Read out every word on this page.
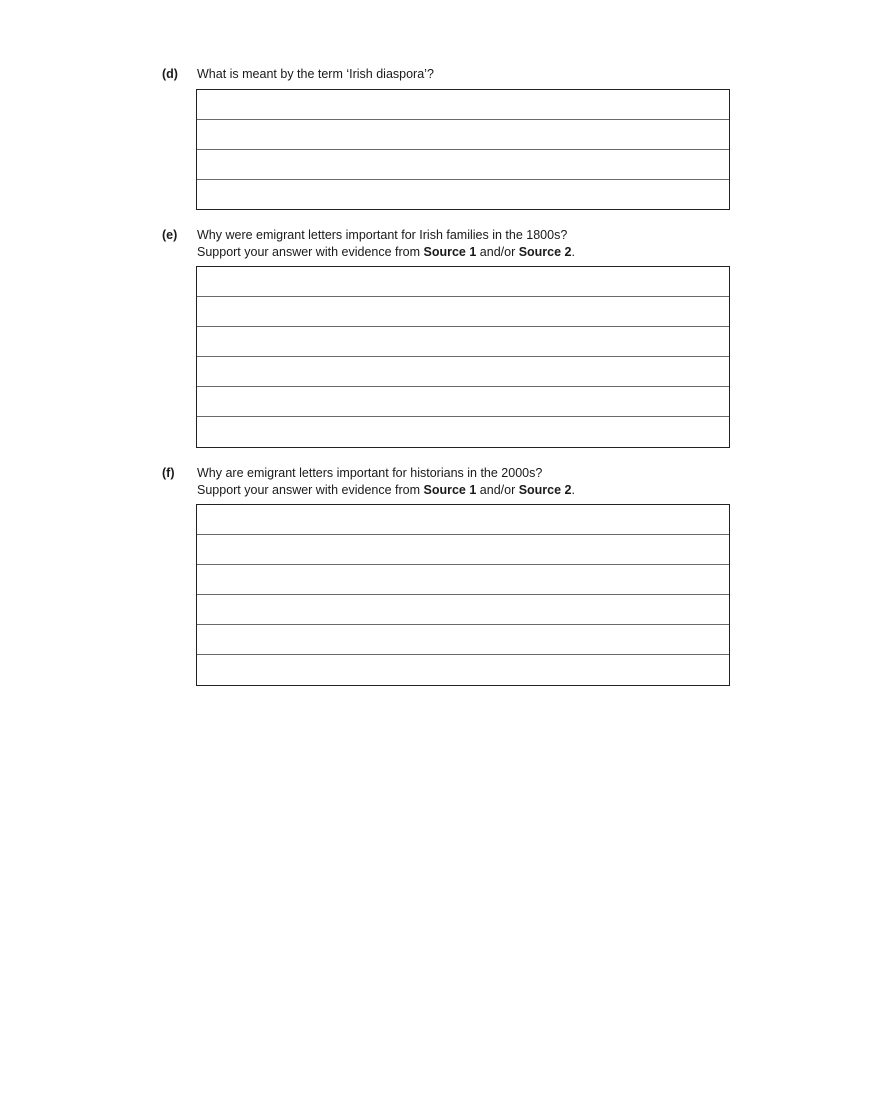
(d) What is meant by the term ‘Irish diaspora’?
(e) Why were emigrant letters important for Irish families in the 1800s?
Support your answer with evidence from Source 1 and/or Source 2.
(f) Why are emigrant letters important for historians in the 2000s?
Support your answer with evidence from Source 1 and/or Source 2.
